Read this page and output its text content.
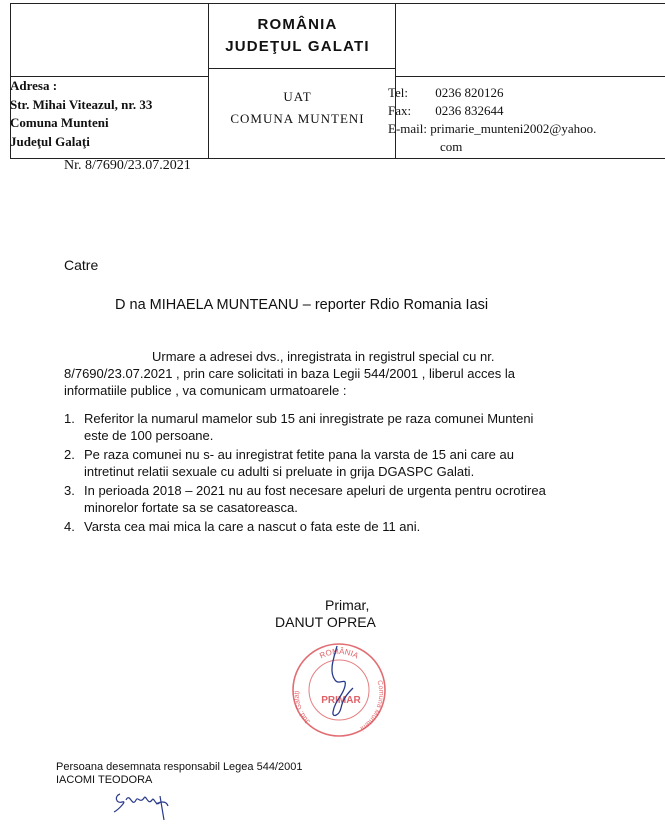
Adresa :
Str. Mihai Viteazul, nr. 33
Comuna Munteni
Judeţul Galaţi
ROMÂNIA
JUDEŢUL GALATI
UAT
COMUNA MUNTENI
Tel: 0236 820126
Fax: 0236 832644
E-mail: primarie_munteni2002@yahoo.
com
Nr. 8/7690/23.07.2021
Catre
D na MIHAELA MUNTEANU – reporter Rdio Romania Iasi
Urmare a adresei dvs., inregistrata in registrul special cu nr.
8/7690/23.07.2021 , prin care solicitati in baza Legii 544/2001 , liberul acces la
informatiile publice , va comunicam urmatoarele :
1. Referitor la numarul mamelor sub 15 ani inregistrate pe raza comunei Munteni
este de 100 persoane.
2. Pe raza comunei nu s- au inregistrat fetite pana la varsta de 15 ani care au
intretinut relatii sexuale cu adulti si preluate in grija DGASPC Galati.
3. In perioada 2018 – 2021 nu au fost necesare apeluri de urgenta pentru ocrotirea
minorelor fortate sa se casatoreasca.
4. Varsta cea mai mica la care a nascut o fata este de 11 ani.
Primar,
DANUT OPREA
ROMÂNIA
Jud. Galaţi
Comuna Munteni
PRIMAR
Persoana desemnata responsabil Legea 544/2001
IACOMI TEODORA
